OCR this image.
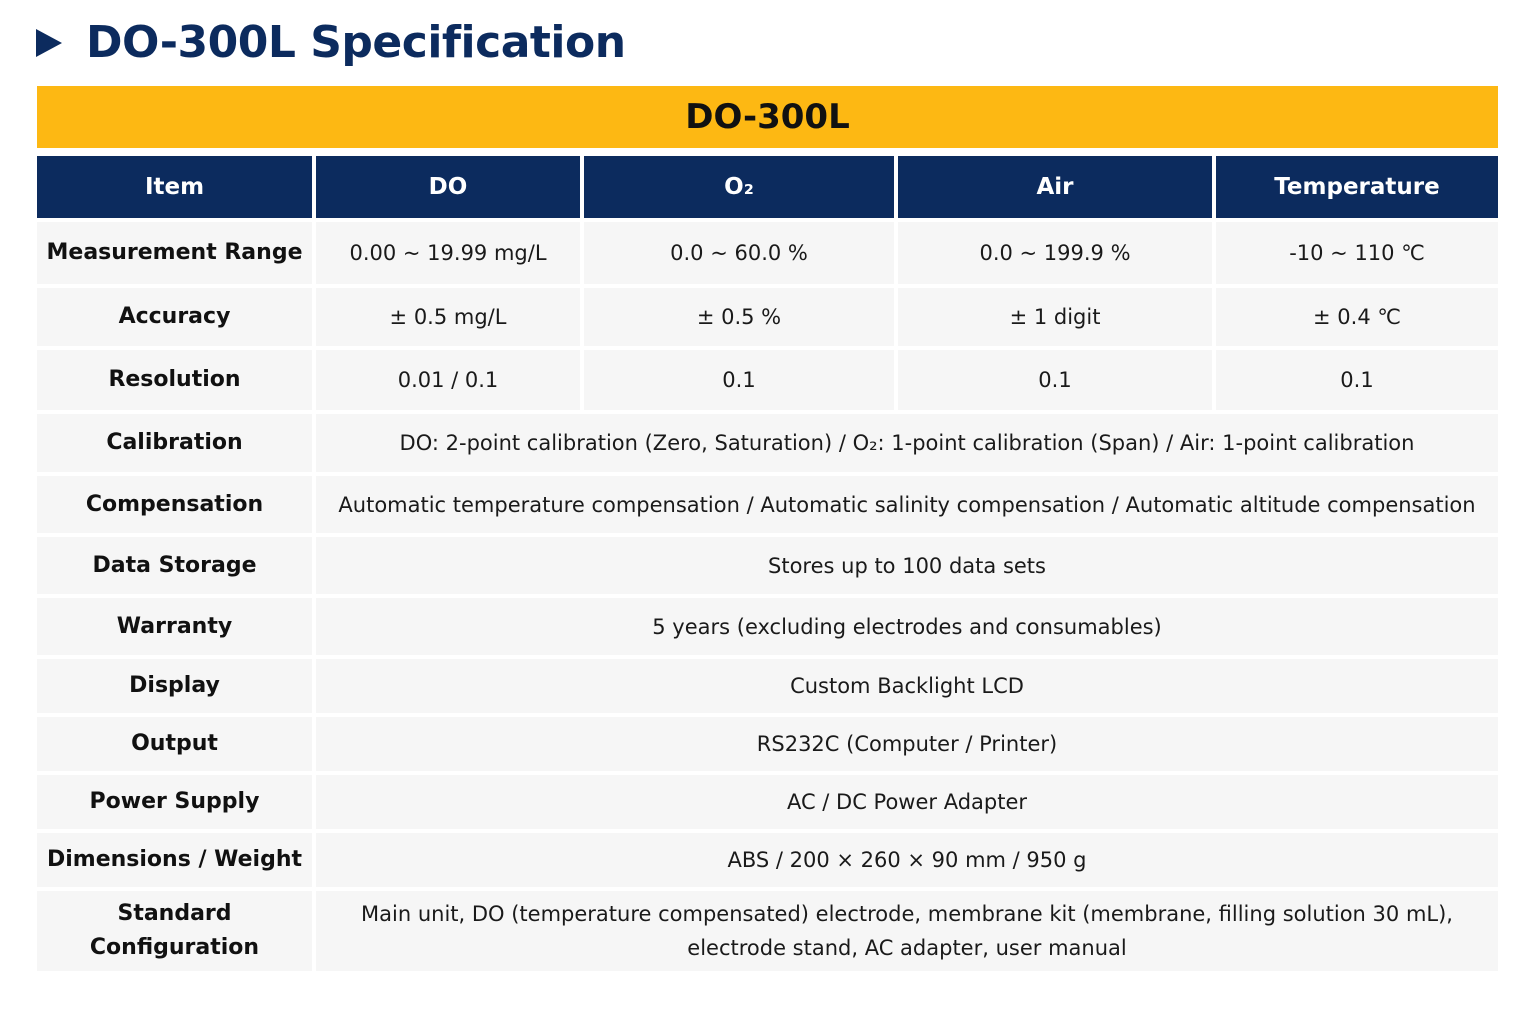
DO-300L Specification
DO-300L
Item	DO	O₂	Air	Temperature
Measurement Range	0.00 ~ 19.99 mg/L	0.0 ~ 60.0 %	0.0 ~ 199.9 %	-10 ~ 110 ℃
Accuracy	± 0.5 mg/L	± 0.5 %	± 1 digit	± 0.4 ℃
Resolution	0.01 / 0.1	0.1	0.1	0.1
Calibration	DO: 2-point calibration (Zero, Saturation) / O₂: 1-point calibration (Span) / Air: 1-point calibration			
Compensation	Automatic temperature compensation / Automatic salinity compensation / Automatic altitude compensation			
Data Storage	Stores up to 100 data sets			
Warranty	5 years (excluding electrodes and consumables)			
Display	Custom Backlight LCD			
Output	RS232C (Computer / Printer)			
Power Supply	AC / DC Power Adapter			
Dimensions / Weight	ABS / 200 × 260 × 90 mm / 950 g			
Standard Configuration	Main unit, DO (temperature compensated) electrode, membrane kit (membrane, filling solution 30 mL),
electrode stand, AC adapter, user manual			
